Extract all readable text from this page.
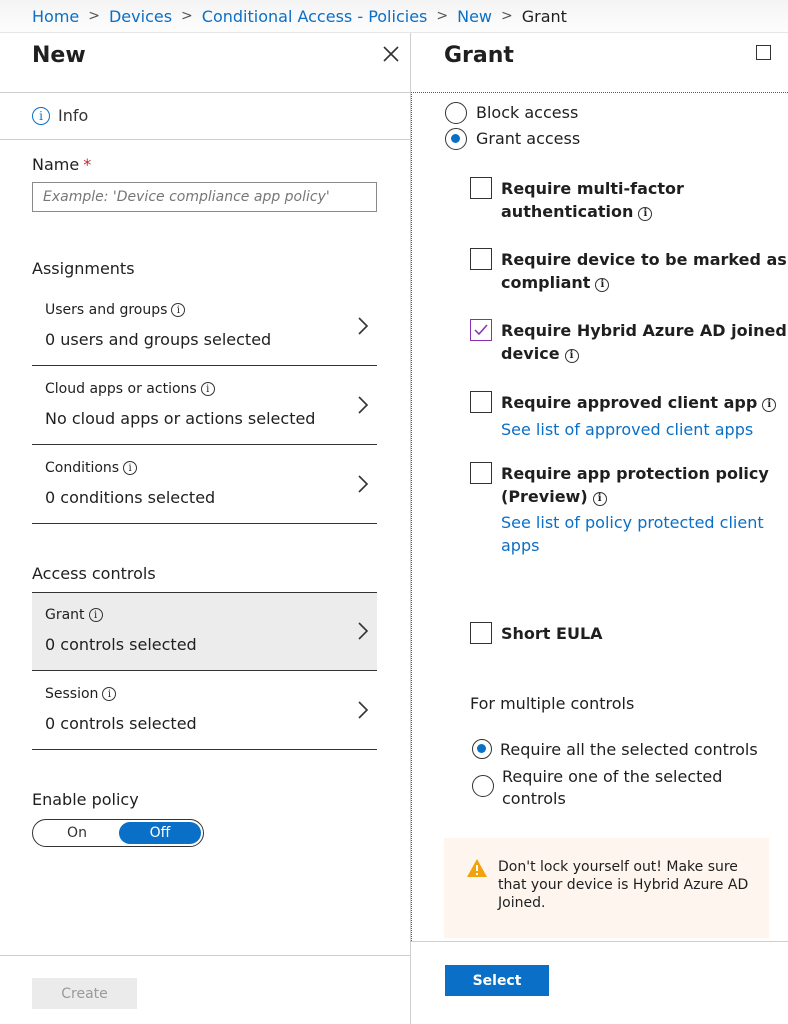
Home > Devices > Conditional Access - Policies > New > Grant
New
i Info
Name *
Example: 'Device compliance app policy'
Assignments
Users and groups i
0 users and groups selected
Cloud apps or actions i
No cloud apps or actions selected
Conditions i
0 conditions selected
Access controls
Grant i
0 controls selected
Session i
0 controls selected
Enable policy
On	Off
Create
Grant
Block access
Grant access
Require multi-factor
authentication i
Require device to be marked as
compliant i
Require Hybrid Azure AD joined
device i
Require approved client app i
See list of approved client apps
Require app protection policy
(Preview) i
See list of policy protected client
apps
Short EULA
For multiple controls
Require all the selected controls
Require one of the selected
controls
Don't lock yourself out! Make sure that your device is Hybrid Azure AD Joined.
Select
